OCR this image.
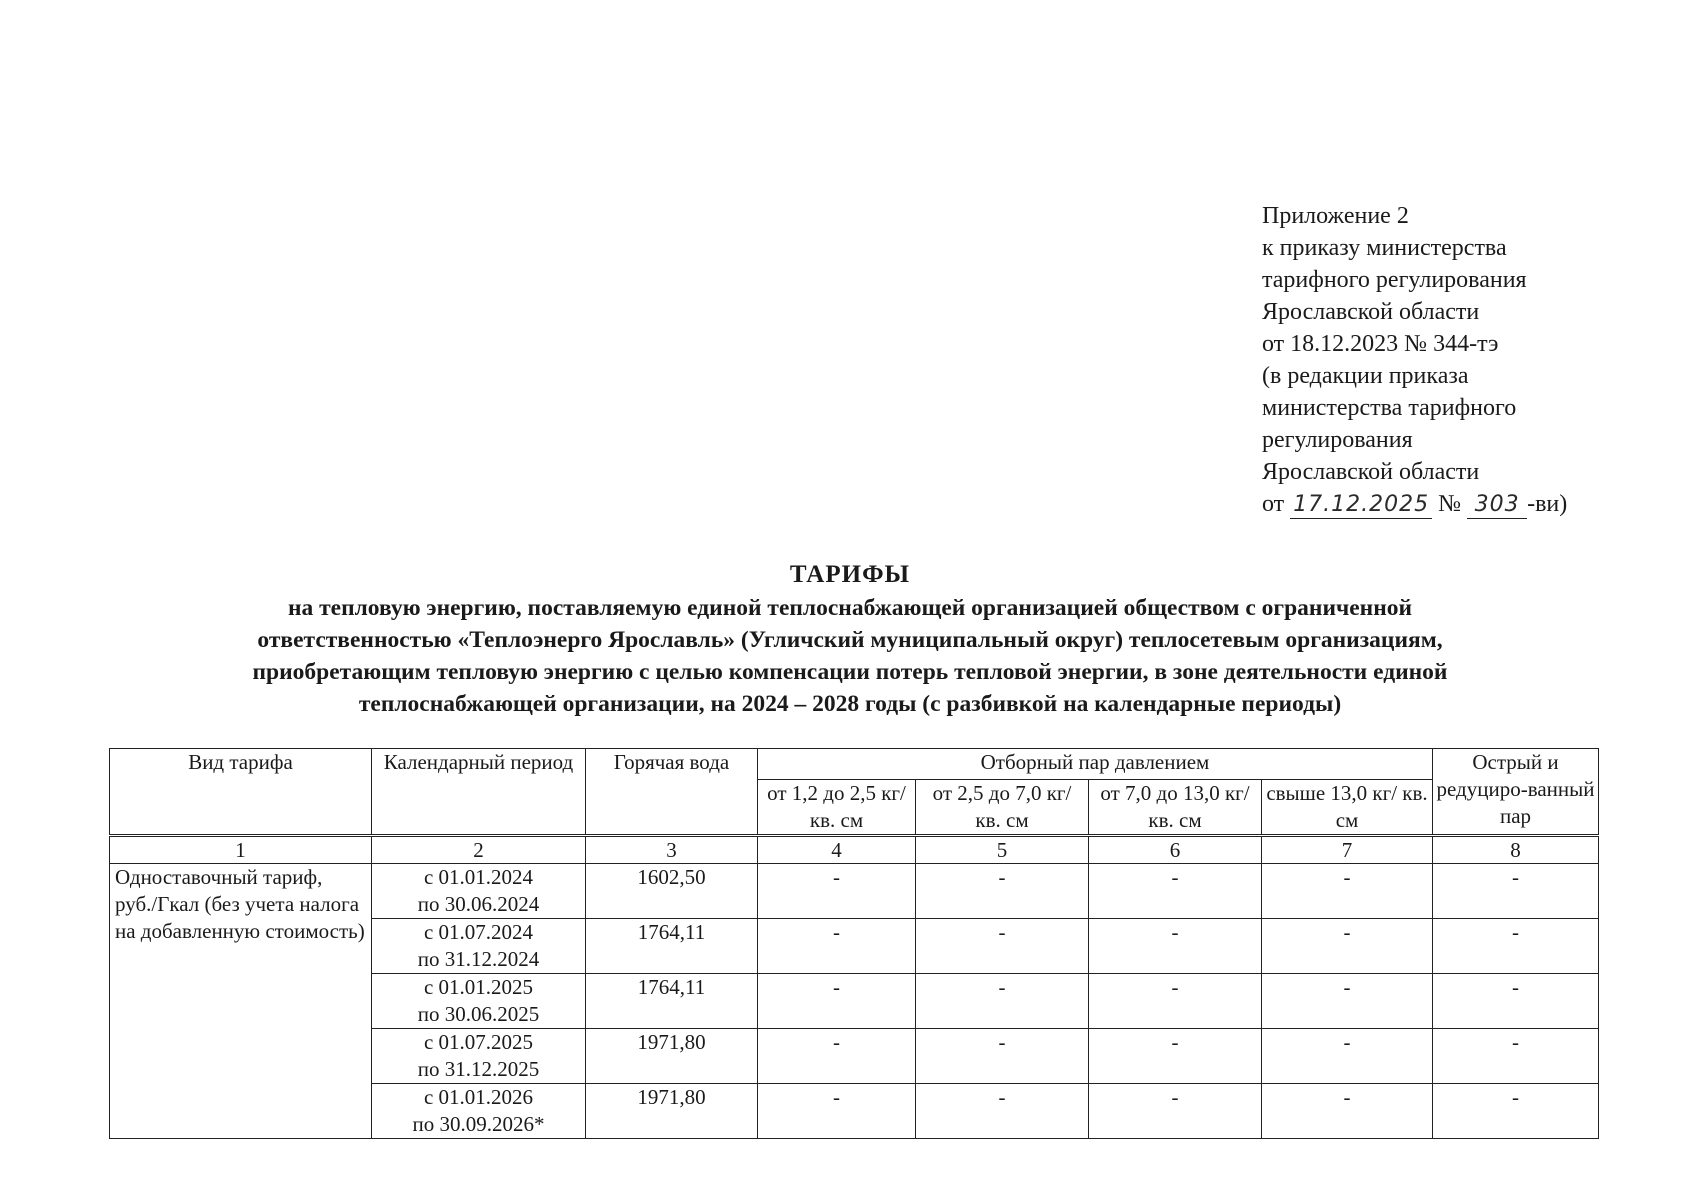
Приложение 2
к приказу министерства
тарифного регулирования
Ярославской области
от 18.12.2023 № 344-тэ
(в редакции приказа
министерства тарифного
регулирования
Ярославской области
от 17.12.2025 № 303 -ви)
ТАРИФЫ
на тепловую энергию, поставляемую единой теплоснабжающей организацией обществом с ограниченной
ответственностью «Теплоэнерго Ярославль» (Угличский муниципальный округ) теплосетевым организациям,
приобретающим тепловую энергию с целью компенсации потерь тепловой энергии, в зоне деятельности единой
теплоснабжающей организации, на 2024 – 2028 годы (с разбивкой на календарные периоды)
Вид тарифа	Календарный период	Горячая вода	Отборный пар давлением				Острый и редуциро-ванный пар
			от 1,2 до 2,5 кг/ кв. см	от 2,5 до 7,0 кг/ кв. см	от 7,0 до 13,0 кг/ кв. см	свыше 13,0 кг/ кв. см	
1	2	3	4	5	6	7	8
Одноставочный тариф, руб./Гкал (без учета налога на добавленную стоимость)	с 01.01.2024
по 30.06.2024	1602,50	-	-	-	-	-
	с 01.07.2024
по 31.12.2024	1764,11	-	-	-	-	-
	с 01.01.2025
по 30.06.2025	1764,11	-	-	-	-	-
	с 01.07.2025
по 31.12.2025	1971,80	-	-	-	-	-
	с 01.01.2026
по 30.09.2026*	1971,80	-	-	-	-	-
